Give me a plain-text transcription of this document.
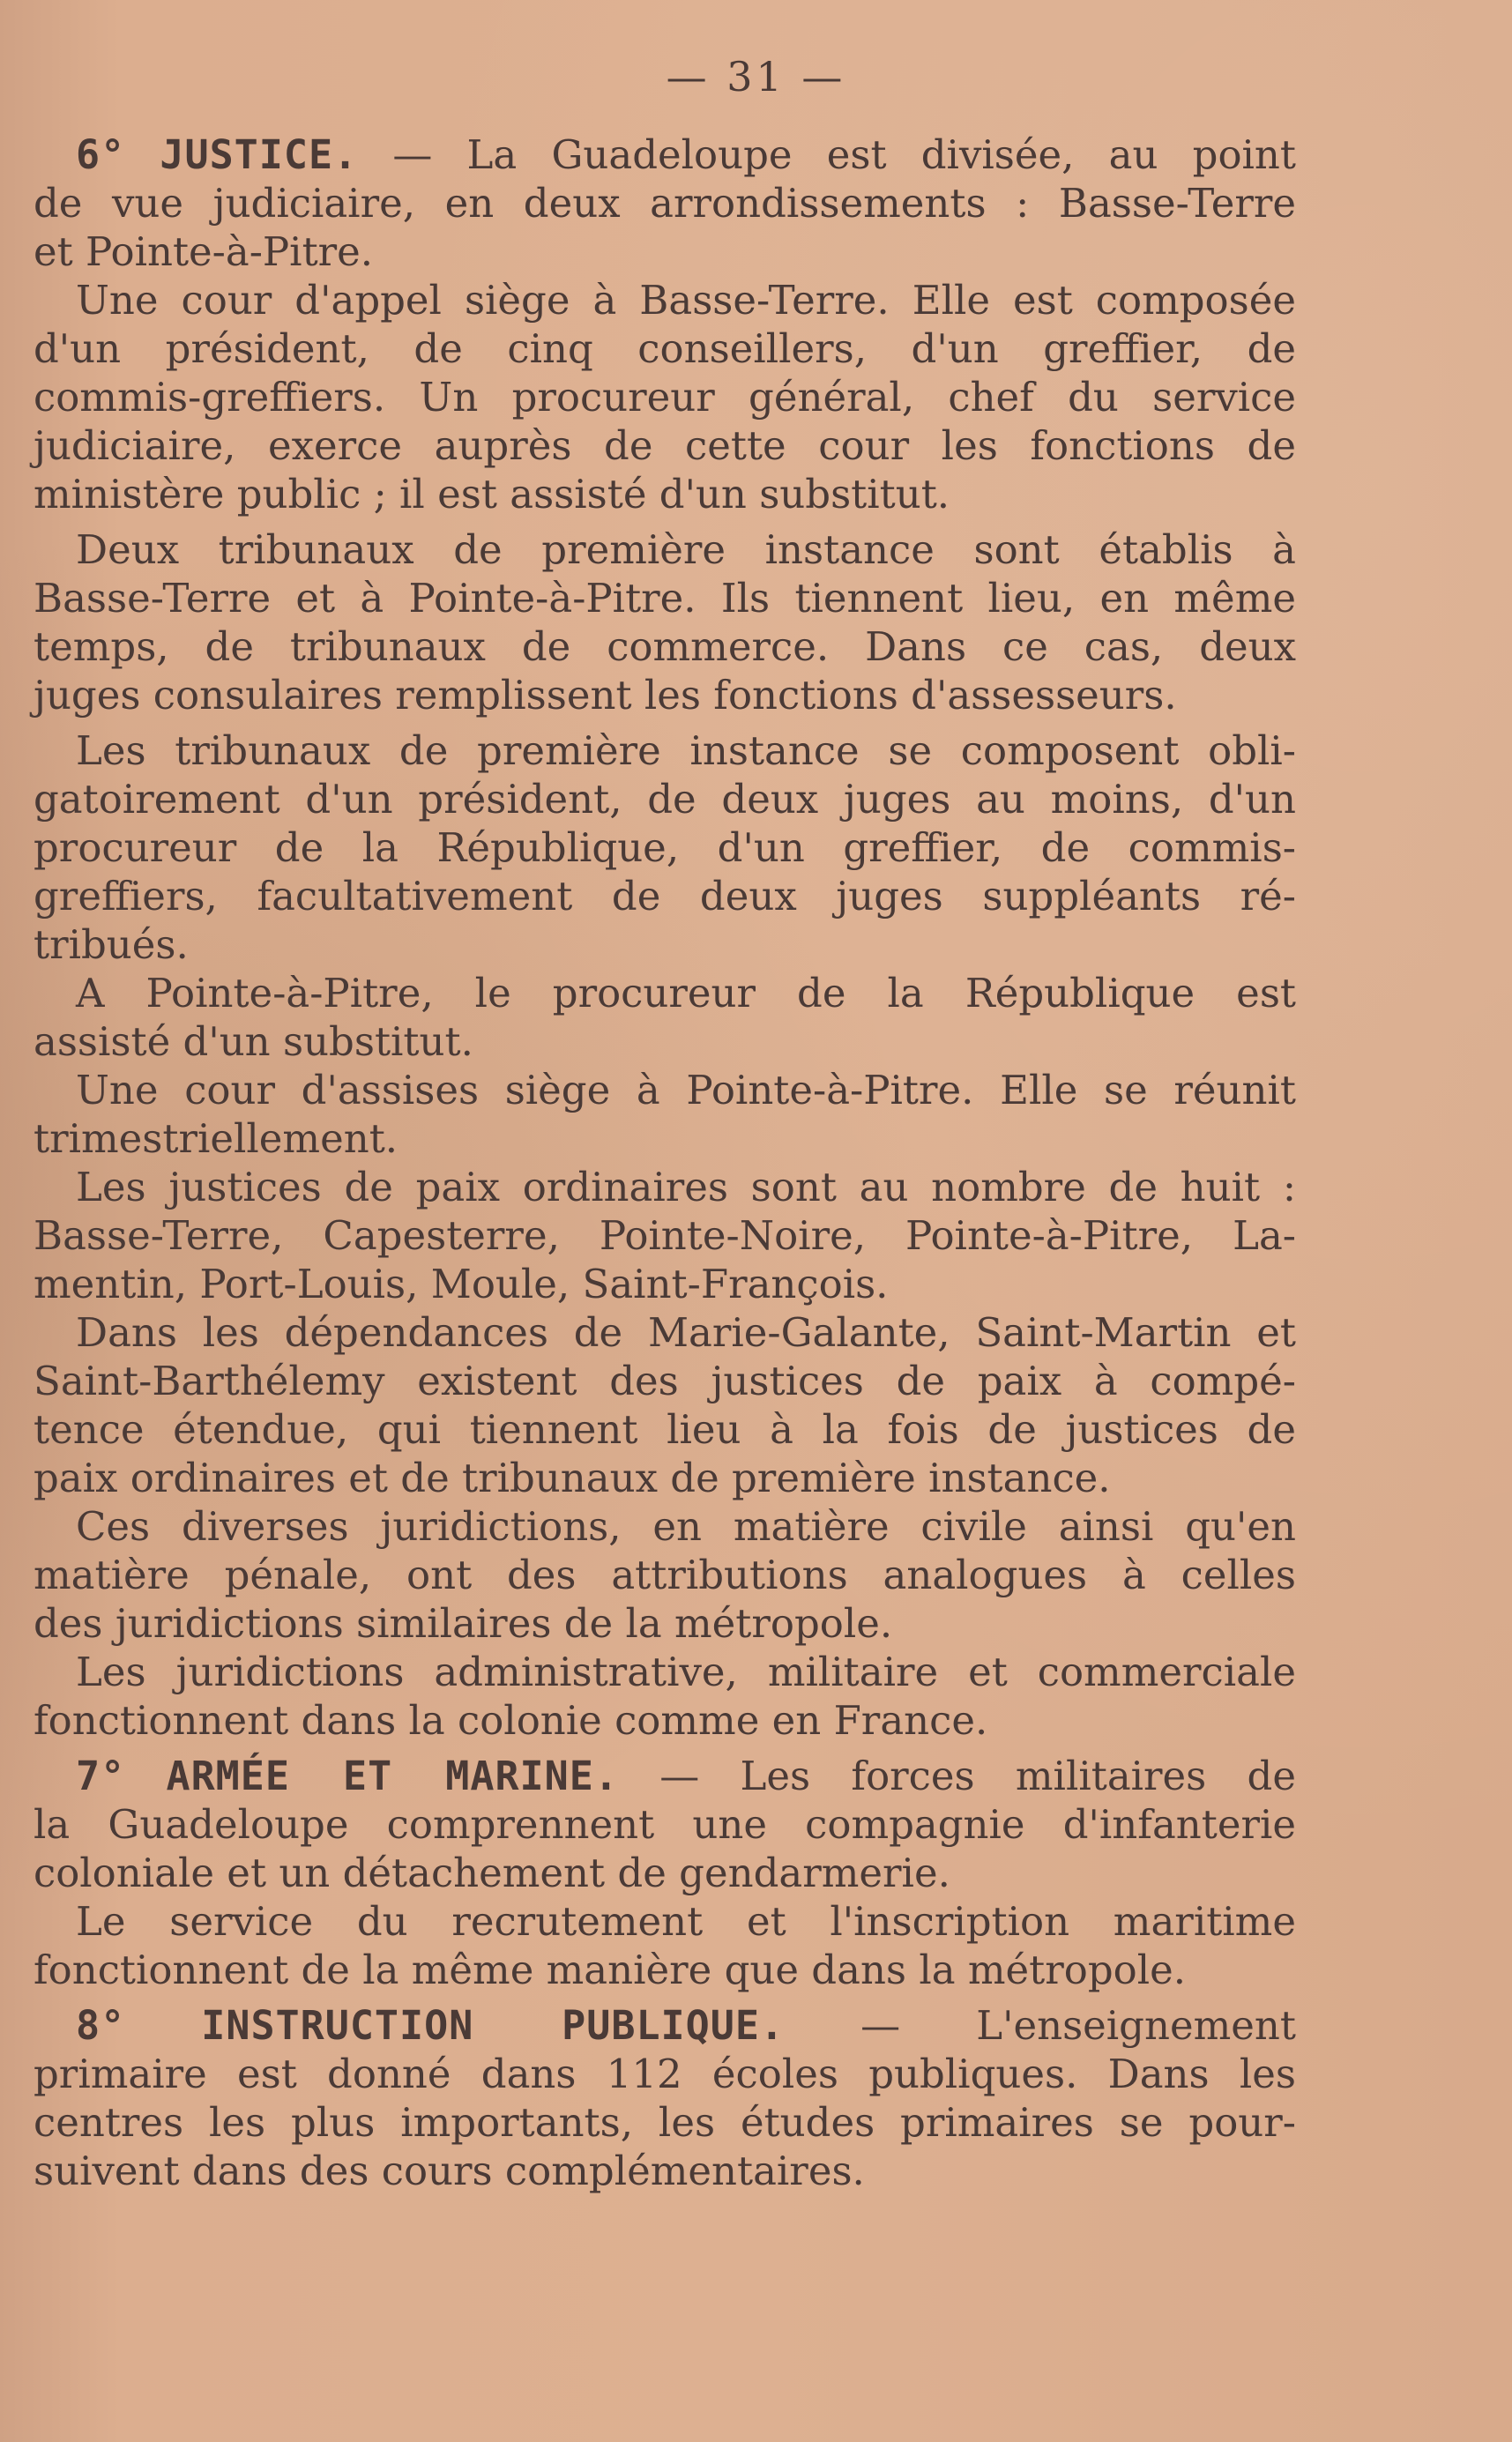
— 31 —
6° JUSTICE. — La Guadeloupe est divisée, au point
de vue judiciaire, en deux arrondissements : Basse-Terre
et Pointe-à-Pitre.
Une cour d'appel siège à Basse-Terre. Elle est composée
d'un président, de cinq conseillers, d'un greffier, de
commis-greffiers. Un procureur général, chef du service
judiciaire, exerce auprès de cette cour les fonctions de
ministère public ; il est assisté d'un substitut.
Deux tribunaux de première instance sont établis à
Basse-Terre et à Pointe-à-Pitre. Ils tiennent lieu, en même
temps, de tribunaux de commerce. Dans ce cas, deux
juges consulaires remplissent les fonctions d'assesseurs.
Les tribunaux de première instance se composent obli-
gatoirement d'un président, de deux juges au moins, d'un
procureur de la République, d'un greffier, de commis-
greffiers, facultativement de deux juges suppléants ré-
tribués.
A Pointe-à-Pitre, le procureur de la République est
assisté d'un substitut.
Une cour d'assises siège à Pointe-à-Pitre. Elle se réunit
trimestriellement.
Les justices de paix ordinaires sont au nombre de huit :
Basse-Terre, Capesterre, Pointe-Noire, Pointe-à-Pitre, La-
mentin, Port-Louis, Moule, Saint-François.
Dans les dépendances de Marie-Galante, Saint-Martin et
Saint-Barthélemy existent des justices de paix à compé-
tence étendue, qui tiennent lieu à la fois de justices de
paix ordinaires et de tribunaux de première instance.
Ces diverses juridictions, en matière civile ainsi qu'en
matière pénale, ont des attributions analogues à celles
des juridictions similaires de la métropole.
Les juridictions administrative, militaire et commerciale
fonctionnent dans la colonie comme en France.
7° ARMÉE ET MARINE. — Les forces militaires de
la Guadeloupe comprennent une compagnie d'infanterie
coloniale et un détachement de gendarmerie.
Le service du recrutement et l'inscription maritime
fonctionnent de la même manière que dans la métropole.
8° INSTRUCTION PUBLIQUE. — L'enseignement
primaire est donné dans 112 écoles publiques. Dans les
centres les plus importants, les études primaires se pour-
suivent dans des cours complémentaires.
